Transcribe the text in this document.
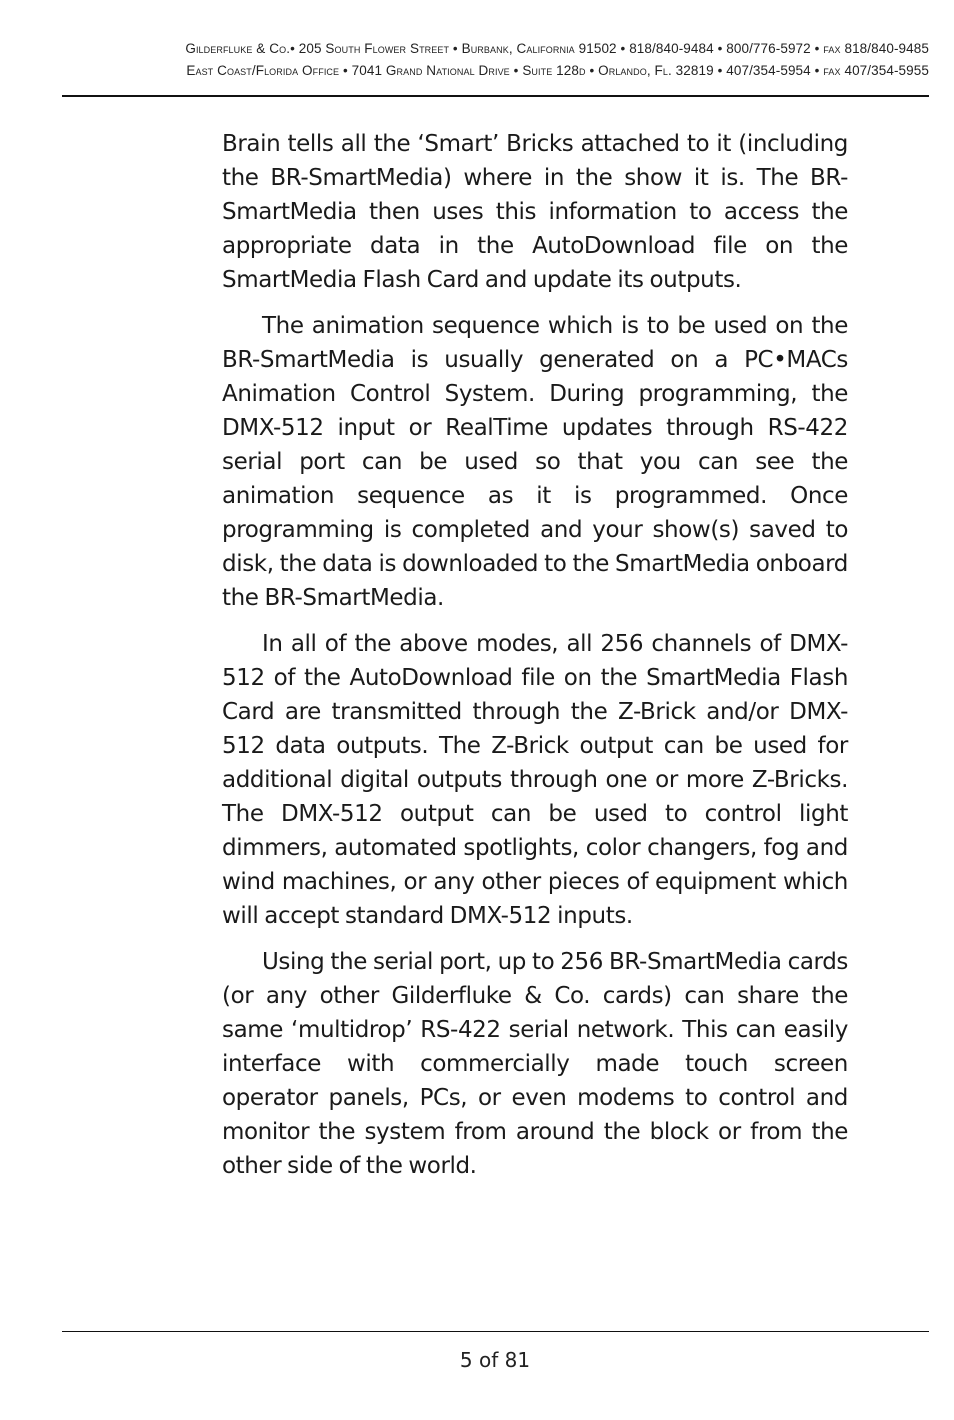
Gilderfluke & Co.• 205 South Flower Street • Burbank, California 91502 • 818/840-9484 • 800/776-5972 • fax 818/840-9485
East Coast/Florida Office • 7041 Grand National Drive • Suite 128d • Orlando, Fl. 32819 • 407/354-5954 • fax 407/354-5955

Brain tells all the ‘Smart’ Bricks attached to it (including the BR-SmartMedia) where in the show it is. The BR-SmartMedia then uses this information to access the appropriate data in the AutoDownload file on the SmartMedia Flash Card and update its outputs.

The animation sequence which is to be used on the BR-SmartMedia is usually generated on a PC•MACs Animation Control System. During programming, the DMX-512 input or RealTime updates through RS-422 serial port can be used so that you can see the animation sequence as it is programmed. Once programming is completed and your show(s) saved to disk, the data is downloaded to the SmartMedia onboard the BR-SmartMedia.

In all of the above modes, all 256 channels of DMX-512 of the AutoDownload file on the SmartMedia Flash Card are transmitted through the Z-Brick and/or DMX-512 data outputs. The Z-Brick output can be used for additional digital outputs through one or more Z-Bricks. The DMX-512 output can be used to control light dimmers, automated spotlights, color changers, fog and wind machines, or any other pieces of equipment which will accept standard DMX-512 inputs.

Using the serial port, up to 256 BR-SmartMedia cards (or any other Gilderfluke & Co. cards) can share the same ‘multidrop’ RS-422 serial network. This can easily interface with commercially made touch screen operator panels, PCs, or even modems to control and monitor the system from around the block or from the other side of the world.

5 of 81
